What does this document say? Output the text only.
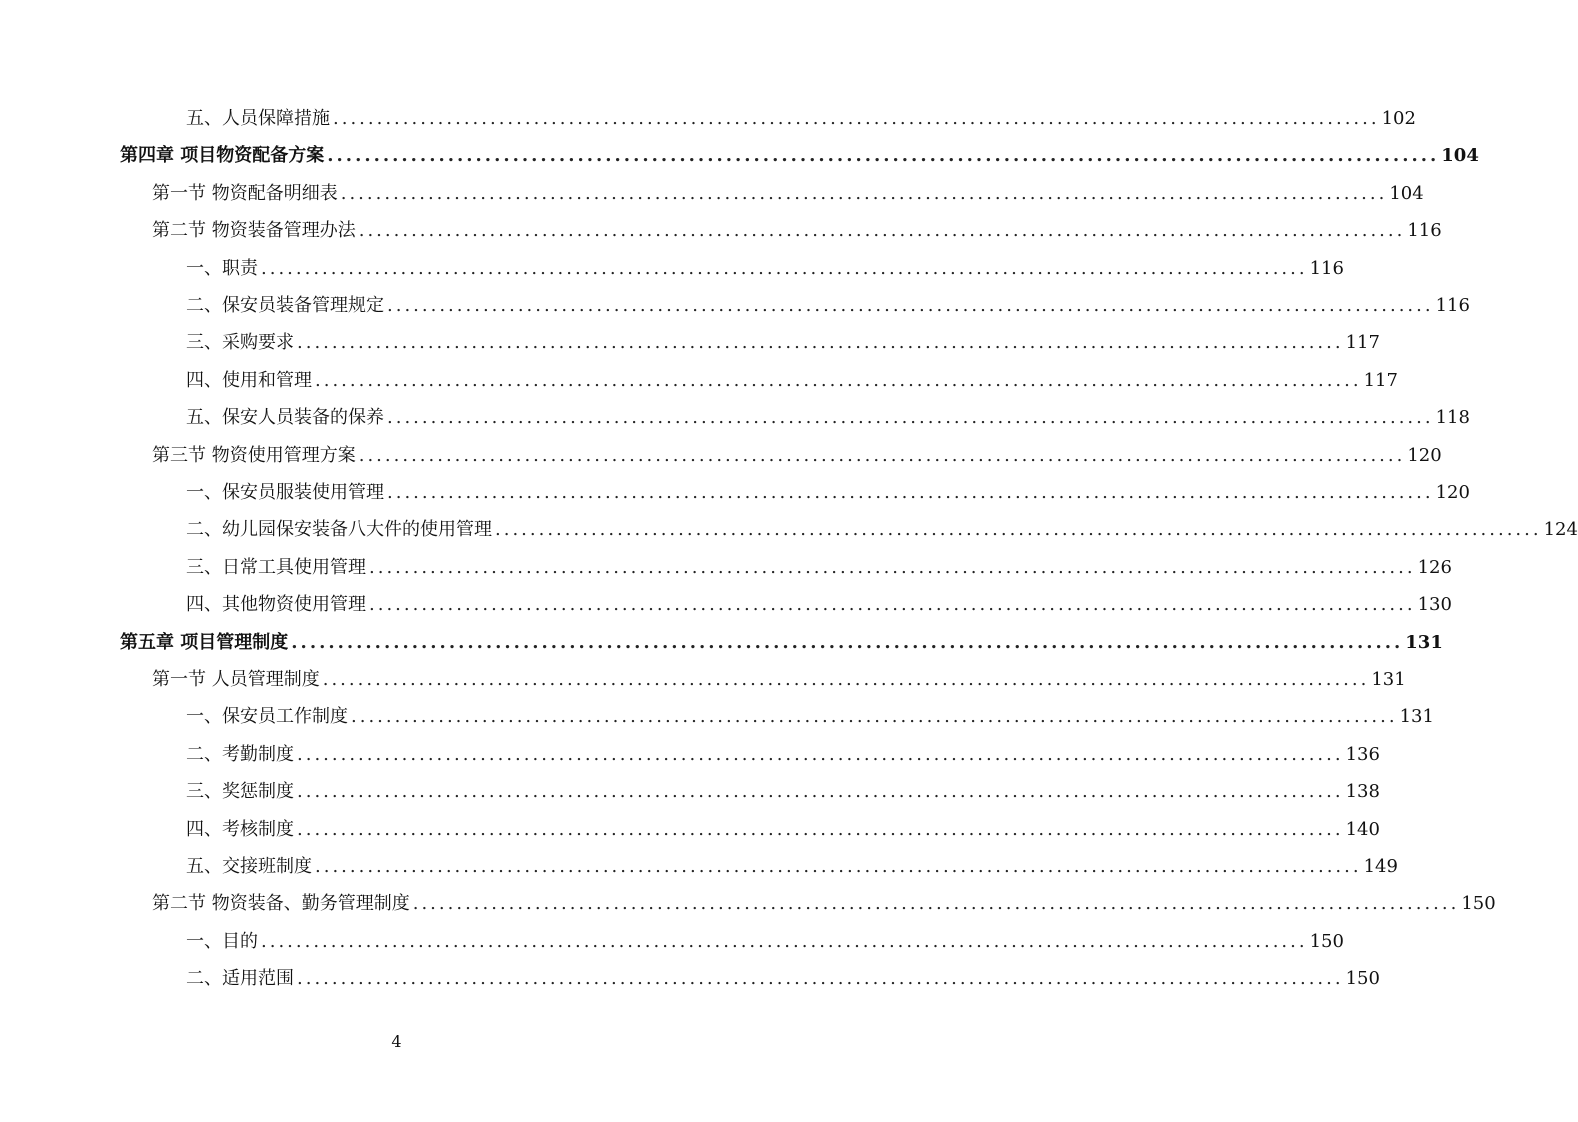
五、人员保障措施 ........................................................................................................................ 102
第四章 项目物资配备方案 ........................................................................................................................ 104
第一节 物资配备明细表 ........................................................................................................................ 104
第二节 物资装备管理办法 ........................................................................................................................ 116
一、职责 ........................................................................................................................ 116
二、保安员装备管理规定 ........................................................................................................................ 116
三、采购要求 ........................................................................................................................ 117
四、使用和管理 ........................................................................................................................ 117
五、保安人员装备的保养 ........................................................................................................................ 118
第三节 物资使用管理方案 ........................................................................................................................ 120
一、保安员服装使用管理 ........................................................................................................................ 120
二、幼儿园保安装备八大件的使用管理 ........................................................................................................................ 124
三、日常工具使用管理 ........................................................................................................................ 126
四、其他物资使用管理 ........................................................................................................................ 130
第五章 项目管理制度 ........................................................................................................................ 131
第一节 人员管理制度 ........................................................................................................................ 131
一、保安员工作制度 ........................................................................................................................ 131
二、考勤制度 ........................................................................................................................ 136
三、奖惩制度 ........................................................................................................................ 138
四、考核制度 ........................................................................................................................ 140
五、交接班制度 ........................................................................................................................ 149
第二节 物资装备、勤务管理制度 ........................................................................................................................ 150
一、目的 ........................................................................................................................ 150
二、适用范围 ........................................................................................................................ 150
4
